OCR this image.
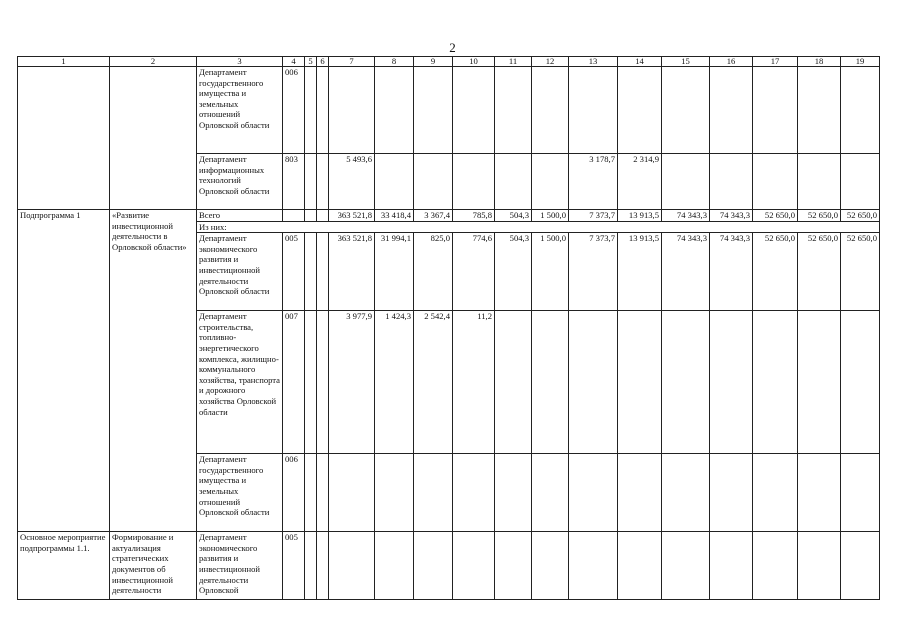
2
1	2	3	4	5	6	7	8	9	10	11	12	13	14	15	16	17	18	19
		Департамент государственного имущества и земельных отношений Орловской области	006															
		Департамент информационных технологий Орловской области	803			5 493,6						3 178,7	2 314,9					
Подпрограмма 1	«Развитие инвестиционной деятельности в Орловской области»	Всего				363 521,8	33 418,4	3 367,4	785,8	504,3	1 500,0	7 373,7	13 913,5	74 343,3	74 343,3	52 650,0	52 650,0	52 650,0
		Из них:																
		Департамент экономического развития и инвестиционной деятельности Орловской области	005			363 521,8	31 994,1	825,0	774,6	504,3	1 500,0	7 373,7	13 913,5	74 343,3	74 343,3	52 650,0	52 650,0	52 650,0
		Департамент строительства, топливно-энергетического комплекса, жилищно-коммунального хозяйства, транспорта и дорожного хозяйства Орловской области	007			3 977,9	1 424,3	2 542,4	11,2									
		Департамент государственного имущества и земельных отношений Орловской области	006															
Основное мероприятие подпрограммы 1.1.	Формирование и актуализация стратегических документов об инвестиционной деятельности	Департамент экономического развития и инвестиционной деятельности Орловской	005															
